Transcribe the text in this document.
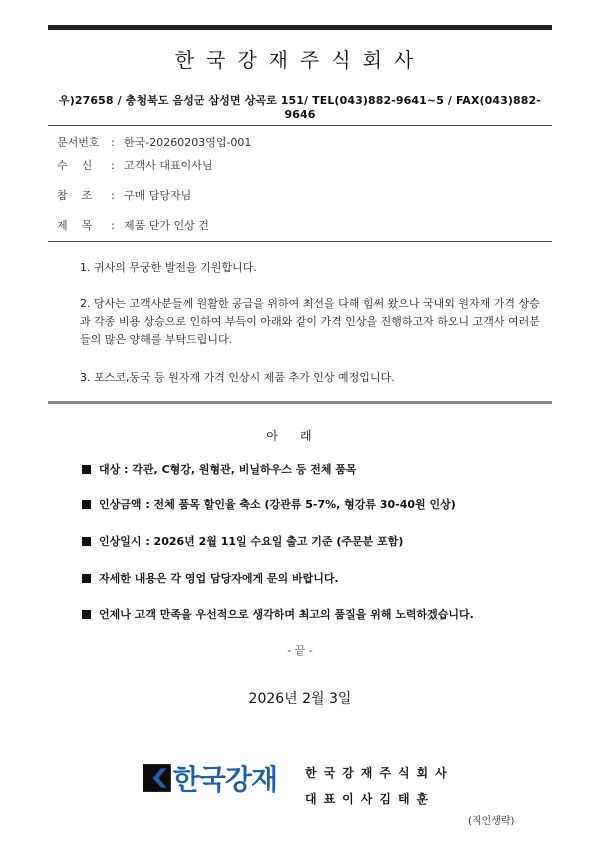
한국강재주식회사
우)27658 / 충청북도 음성군 삼성면 상곡로 151/ TEL(043)882-9641~5 / FAX(043)882-9646
문서번호 : 한국-20260203영업-001
수    신 : 고객사 대표이사님
참    조 : 구매 담당자님
제    목 : 제품 단가 인상 건
1. 귀사의 무궁한 발전을 기원합니다.
2. 당사는 고객사분들께 원활한 공급을 위하여 최선을 다해 힘써 왔으나 국내외 원자재 가격 상승과 각종 비용 상승으로 인하여 부득이 아래와 같이 가격 인상을 진행하고자 하오니 고객사 여러분들의 많은 양해를 부탁드립니다.
3. 포스코,동국 등 원자재 가격 인상시 제품 추가 인상 예정입니다.
아래
대상 : 각관, C형강, 원형관, 비닐하우스 등 전체 품목
인상금액 : 전체 품목 할인율 축소 (강관류 5-7%, 형강류 30-40원 인상)
인상일시 : 2026년 2월 11일 수요일 출고 기준 (주문분 포함)
자세한 내용은 각 영업 담당자에게 문의 바랍니다.
언제나 고객 만족을 우선적으로 생각하며 최고의 품질을 위해 노력하겠습니다.
- 끝 -
2026년 2월 3일
한국강재 한국강재주식회사
대표이사김태훈
(직인생략)
